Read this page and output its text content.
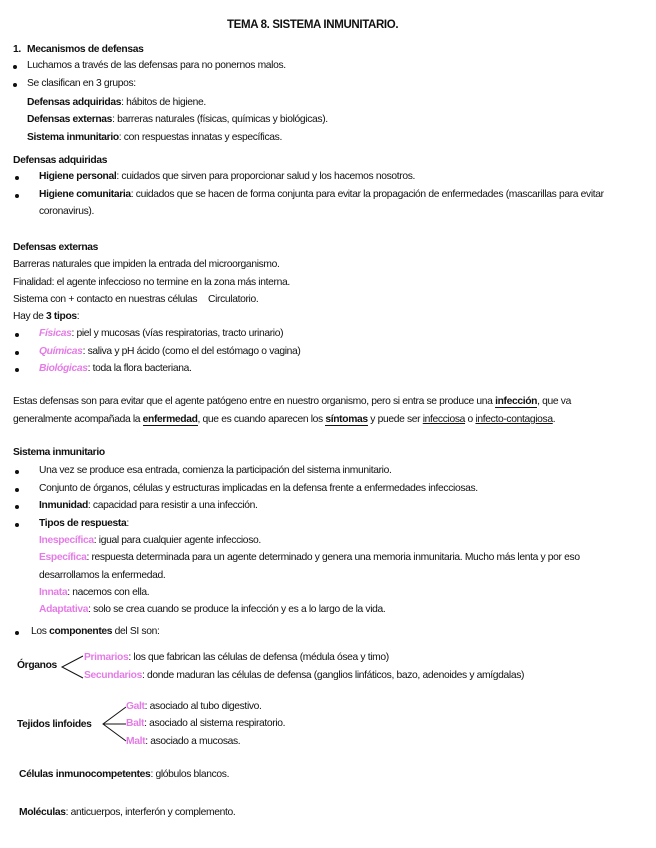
TEMA 8. SISTEMA INMUNITARIO.
1. Mecanismos de defensas
Luchamos a través de las defensas para no ponernos malos.
Se clasifican en 3 grupos:
Defensas adquiridas: hábitos de higiene.
Defensas externas: barreras naturales (físicas, químicas y biológicas).
Sistema inmunitario: con respuestas innatas y específicas.
Defensas adquiridas
Higiene personal: cuidados que sirven para proporcionar salud y los hacemos nosotros.
Higiene comunitaria: cuidados que se hacen de forma conjunta para evitar la propagación de enfermedades (mascarillas para evitar
coronavirus).
Defensas externas
Barreras naturales que impiden la entrada del microorganismo.
Finalidad: el agente infeccioso no termine en la zona más interna.
Sistema con + contacto en nuestras células Circulatorio.
Hay de 3 tipos:
Físicas: piel y mucosas (vías respiratorias, tracto urinario)
Químicas: saliva y pH ácido (como el del estómago o vagina)
Biológicas: toda la flora bacteriana.
Estas defensas son para evitar que el agente patógeno entre en nuestro organismo, pero si entra se produce una infección, que va
generalmente acompañada la enfermedad, que es cuando aparecen los síntomas y puede ser infecciosa o infecto-contagiosa.
Sistema inmunitario
Una vez se produce esa entrada, comienza la participación del sistema inmunitario.
Conjunto de órganos, células y estructuras implicadas en la defensa frente a enfermedades infecciosas.
Inmunidad: capacidad para resistir a una infección.
Tipos de respuesta:
Inespecífica: igual para cualquier agente infeccioso.
Específica: respuesta determinada para un agente determinado y genera una memoria inmunitaria. Mucho más lenta y por eso
desarrollamos la enfermedad.
Innata: nacemos con ella.
Adaptativa: solo se crea cuando se produce la infección y es a lo largo de la vida.
Los componentes del SI son:
Órganos
Primarios: los que fabrican las células de defensa (médula ósea y timo)
Secundarios: donde maduran las células de defensa (ganglios linfáticos, bazo, adenoides y amígdalas)
Tejidos linfoides
Galt: asociado al tubo digestivo.
Balt: asociado al sistema respiratorio.
Malt: asociado a mucosas.
Células inmunocompetentes: glóbulos blancos.
Moléculas: anticuerpos, interferón y complemento.
